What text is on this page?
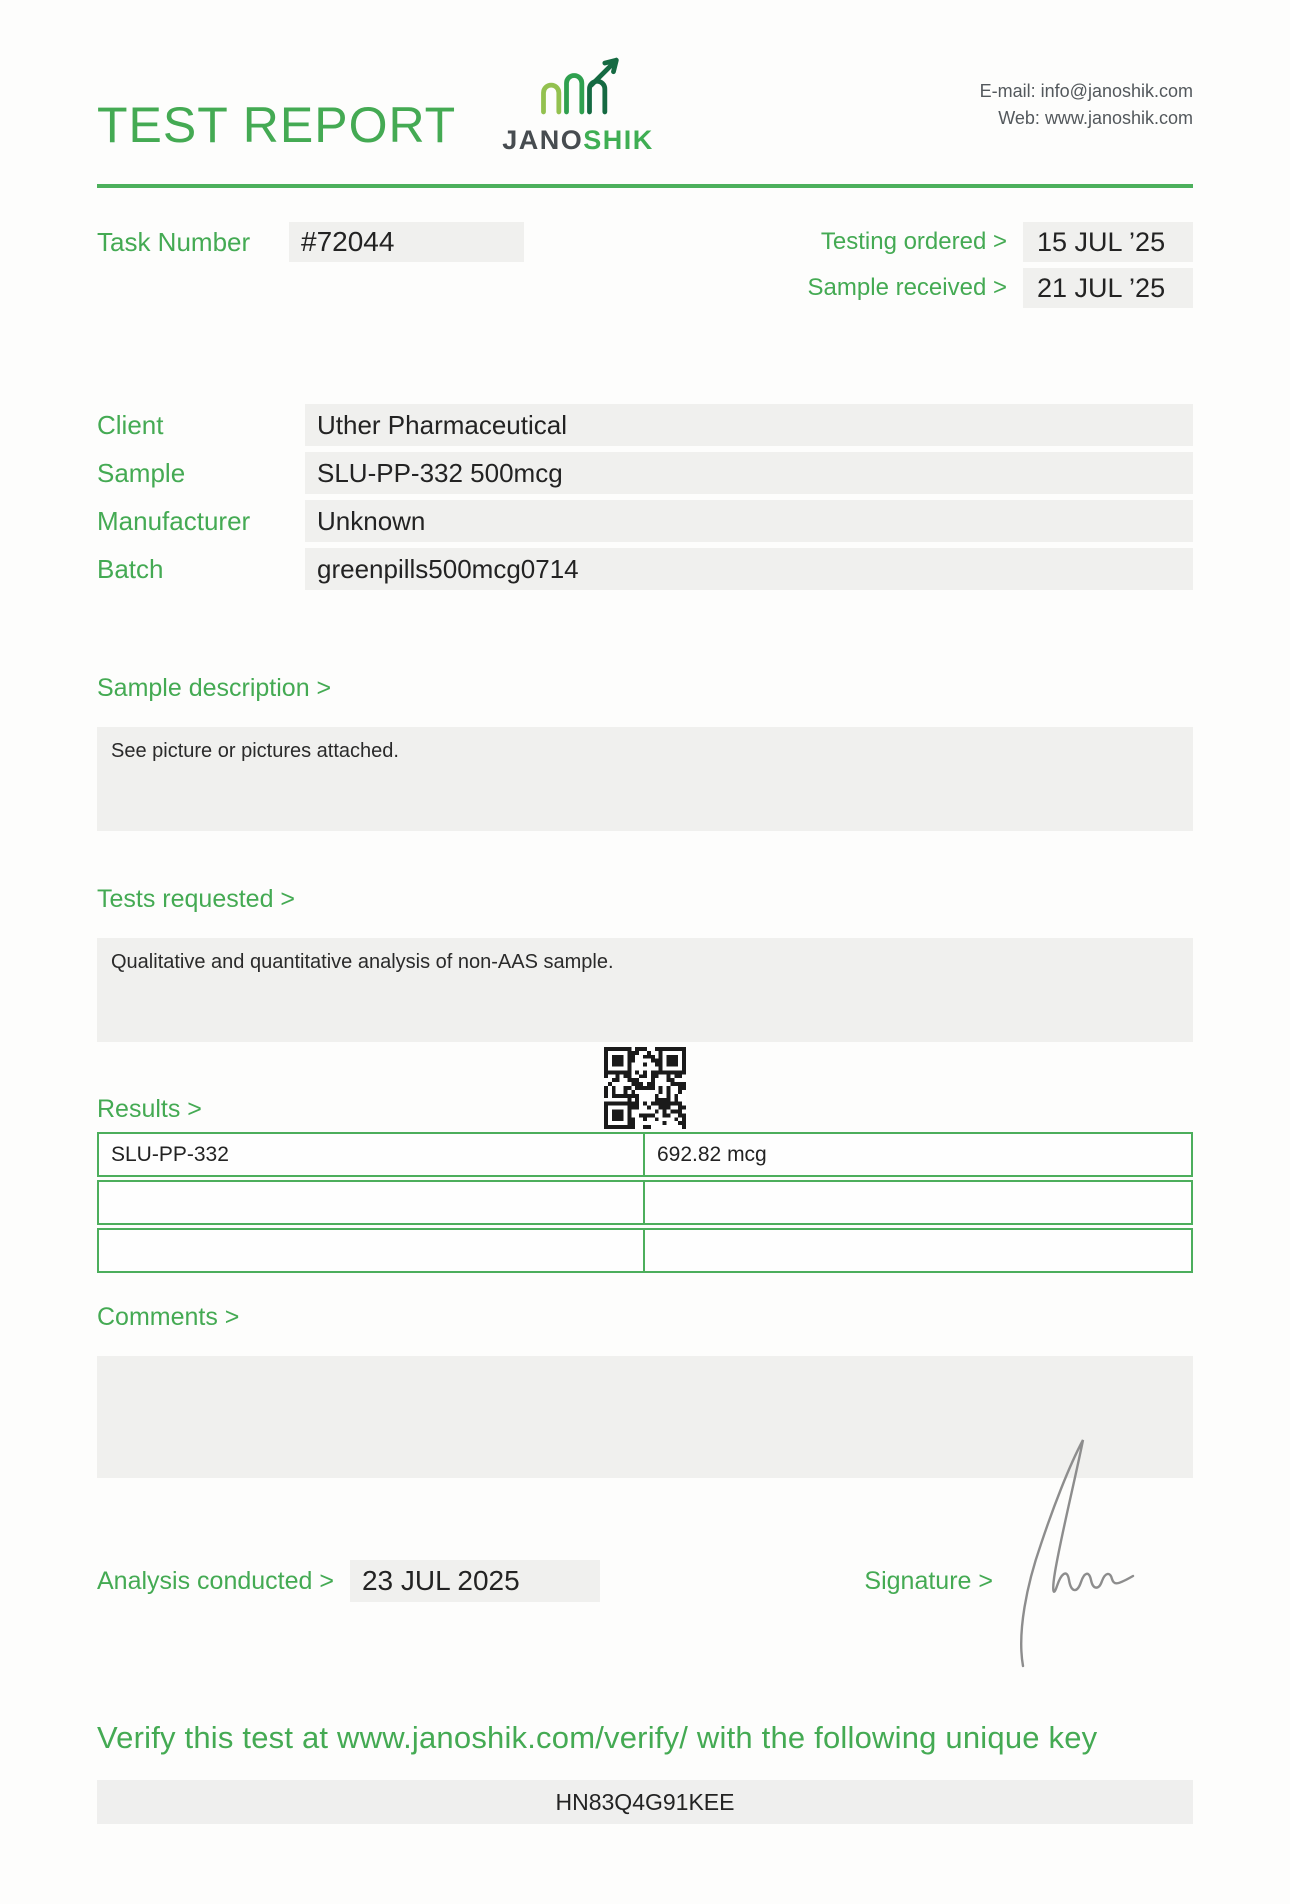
TEST REPORT JANOSHIK
E-mail: info@janoshik.com
Web: www.janoshik.com
Task Number	#72044	Testing ordered >	15 JUL ’25
Sample received >	21 JUL ’25
Client	Uther Pharmaceutical
Sample	SLU-PP-332 500mcg
Manufacturer	Unknown
Batch	greenpills500mcg0714
Sample description >
See picture or pictures attached.
Tests requested >
Qualitative and quantitative analysis of non-AAS sample.
Results >
SLU-PP-332	692.82 mcg
Comments >
Analysis conducted >	23 JUL 2025	Signature >
Verify this test at www.janoshik.com/verify/ with the following unique key
HN83Q4G91KEE
